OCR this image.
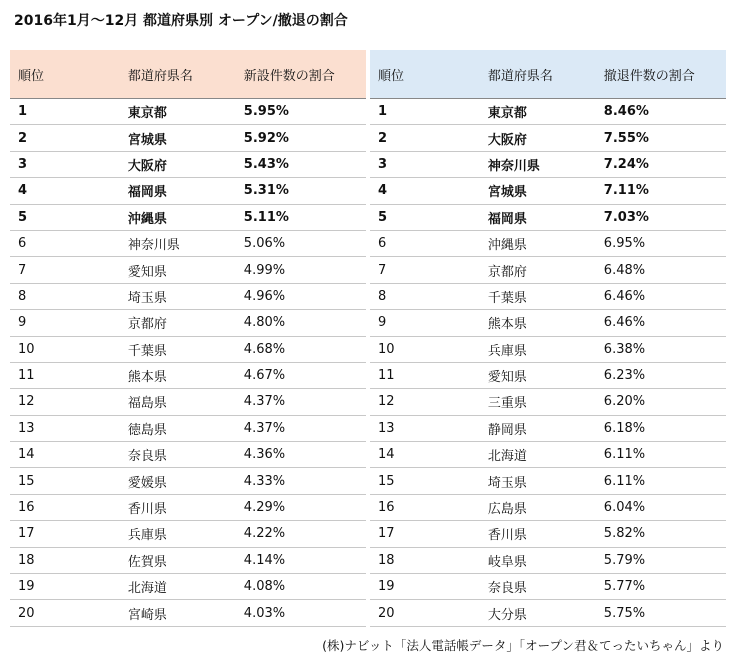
2016年1月〜12月 都道府県別 オープン/撤退の割合
順位	都道府県名	新設件数の割合
1	東京都	5.95%
2	宮城県	5.92%
3	大阪府	5.43%
4	福岡県	5.31%
5	沖縄県	5.11%
6	神奈川県	5.06%
7	愛知県	4.99%
8	埼玉県	4.96%
9	京都府	4.80%
10	千葉県	4.68%
11	熊本県	4.67%
12	福島県	4.37%
13	徳島県	4.37%
14	奈良県	4.36%
15	愛媛県	4.33%
16	香川県	4.29%
17	兵庫県	4.22%
18	佐賀県	4.14%
19	北海道	4.08%
20	宮崎県	4.03%
順位	都道府県名	撤退件数の割合
1	東京都	8.46%
2	大阪府	7.55%
3	神奈川県	7.24%
4	宮城県	7.11%
5	福岡県	7.03%
6	沖縄県	6.95%
7	京都府	6.48%
8	千葉県	6.46%
9	熊本県	6.46%
10	兵庫県	6.38%
11	愛知県	6.23%
12	三重県	6.20%
13	静岡県	6.18%
14	北海道	6.11%
15	埼玉県	6.11%
16	広島県	6.04%
17	香川県	5.82%
18	岐阜県	5.79%
19	奈良県	5.77%
20	大分県	5.75%
(株)ナビット「法人電話帳データ」「オープン君＆てったいちゃん」より
